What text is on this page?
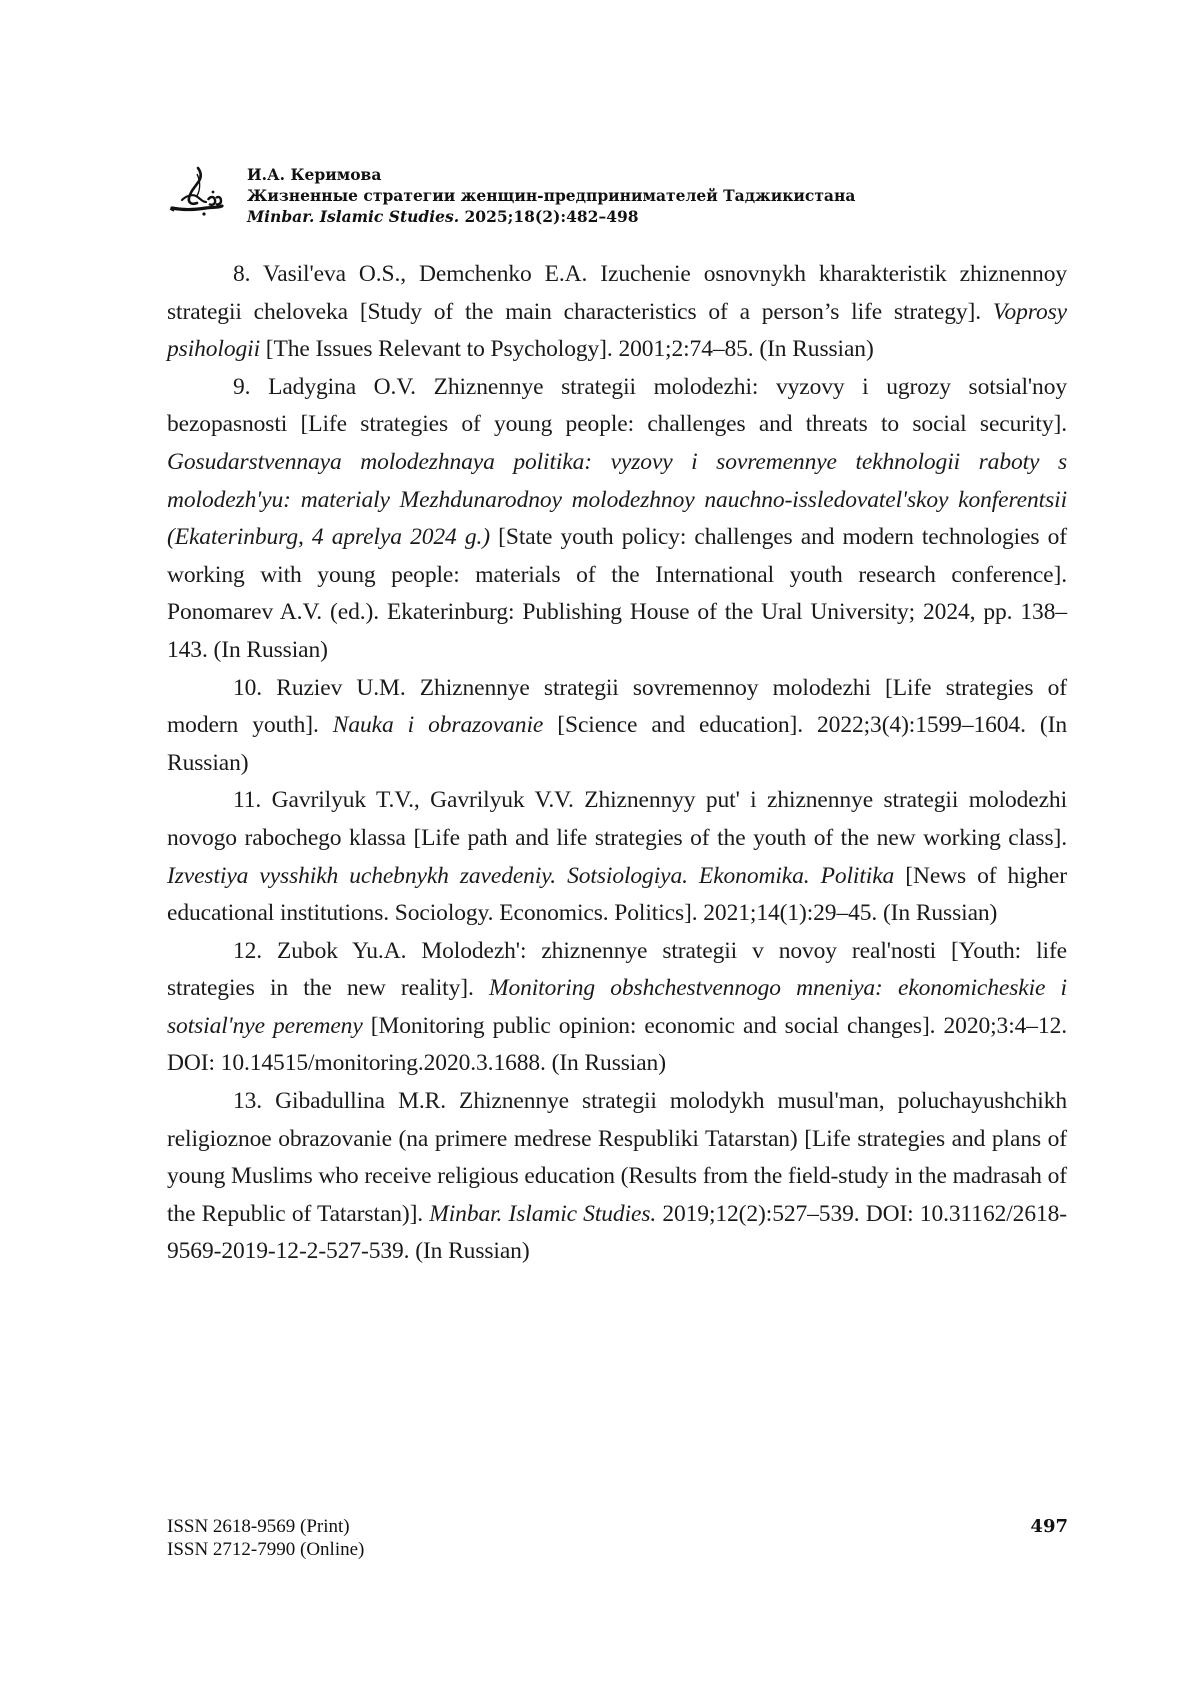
И.А. Керимова
Жизненные стратегии женщин-предпринимателей Таджикистана
Minbar. Islamic Studies. 2025;18(2):482–498

8. Vasil'eva O.S., Demchenko E.A. Izuchenie osnovnykh kharakteristik zhiznennoy strategii cheloveka [Study of the main characteristics of a person’s life strategy]. Voprosy psihologii [The Issues Relevant to Psychology]. 2001;2:74–85. (In Russian)

9. Ladygina O.V. Zhiznennye strategii molodezhi: vyzovy i ugrozy sotsial'noy bezopasnosti [Life strategies of young people: challenges and threats to social security]. Gosudarstvennaya molodezhnaya politika: vyzovy i sovremennye tekhnologii raboty s molodezh'yu: materialy Mezhdunarodnoy molodezhnoy nauchno-issledovatel'skoy konferentsii (Ekaterinburg, 4 aprelya 2024 g.) [State youth policy: challenges and modern technologies of working with young people: materials of the International youth research conference]. Ponomarev A.V. (ed.). Ekaterinburg: Publishing House of the Ural University; 2024, pp. 138–143. (In Russian)

10. Ruziev U.M. Zhiznennye strategii sovremennoy molodezhi [Life strategies of modern youth]. Nauka i obrazovanie [Science and education]. 2022;3(4):1599–1604. (In Russian)

11. Gavrilyuk T.V., Gavrilyuk V.V. Zhiznennyy put' i zhiznennye strategii molodezhi novogo rabochego klassa [Life path and life strategies of the youth of the new working class]. Izvestiya vysshikh uchebnykh zavedeniy. Sotsiologiya. Ekonomika. Politika [News of higher educational institutions. Sociology. Economics. Politics]. 2021;14(1):29–45. (In Russian)

12. Zubok Yu.A. Molodezh': zhiznennye strategii v novoy real'nosti [Youth: life strategies in the new reality]. Monitoring obshchestvennogo mneniya: ekonomicheskie i sotsial'nye peremeny [Monitoring public opinion: economic and social changes]. 2020;3:4–12. DOI: 10.14515/monitoring.2020.3.1688. (In Russian)

13. Gibadullina M.R. Zhiznennye strategii molodykh musul'man, poluchayushchikh religioznoe obrazovanie (na primere medrese Respubliki Tatarstan) [Life strategies and plans of young Muslims who receive religious education (Results from the field-study in the madrasah of the Republic of Tatarstan)]. Minbar. Islamic Studies. 2019;12(2):527–539. DOI: 10.31162/2618-9569-2019-12-2-527-539. (In Russian)

ISSN 2618-9569 (Print)
ISSN 2712-7990 (Online)
497
